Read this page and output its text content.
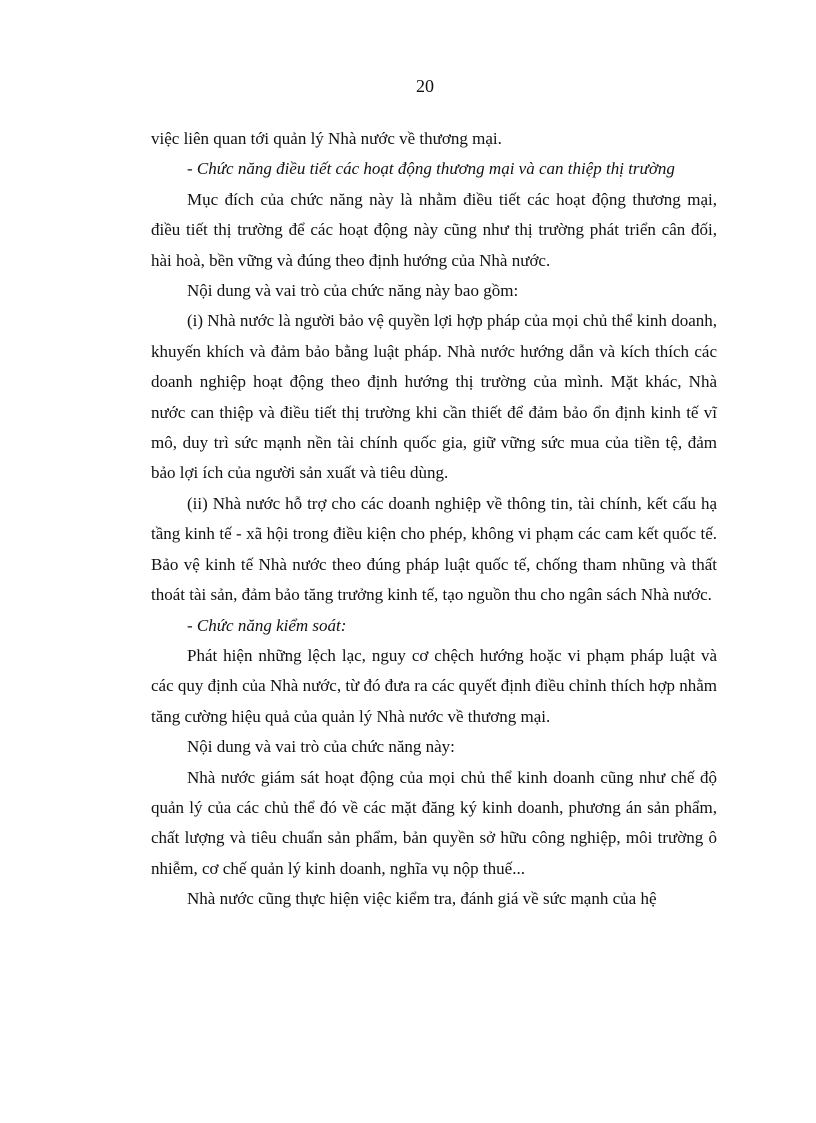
20

việc liên quan tới quản lý Nhà nước về thương mại.

- Chức năng điều tiết các hoạt động thương mại và can thiệp thị trường

Mục đích của chức năng này là nhằm điều tiết các hoạt động thương mại, điều tiết thị trường để các hoạt động này cũng như thị trường phát triển cân đối, hài hoà, bền vững và đúng theo định hướng của Nhà nước.

Nội dung và vai trò của chức năng này bao gồm:

(i) Nhà nước là người bảo vệ quyền lợi hợp pháp của mọi chủ thể kinh doanh, khuyến khích và đảm bảo bằng luật pháp. Nhà nước hướng dẫn và kích thích các doanh nghiệp hoạt động theo định hướng thị trường của mình. Mặt khác, Nhà nước can thiệp và điều tiết thị trường khi cần thiết để đảm bảo ổn định kinh tế vĩ mô, duy trì sức mạnh nền tài chính quốc gia, giữ vững sức mua của tiền tệ, đảm bảo lợi ích của người sản xuất và tiêu dùng.

(ii) Nhà nước hỗ trợ cho các doanh nghiệp về thông tin, tài chính, kết cấu hạ tầng kinh tế - xã hội trong điều kiện cho phép, không vi phạm các cam kết quốc tế. Bảo vệ kinh tế Nhà nước theo đúng pháp luật quốc tế, chống tham nhũng và thất thoát tài sản, đảm bảo tăng trưởng kinh tế, tạo nguồn thu cho ngân sách Nhà nước.

- Chức năng kiểm soát:

Phát hiện những lệch lạc, nguy cơ chệch hướng hoặc vi phạm pháp luật và các quy định của Nhà nước, từ đó đưa ra các quyết định điều chỉnh thích hợp nhằm tăng cường hiệu quả của quản lý Nhà nước về thương mại.

Nội dung và vai trò của chức năng này:

Nhà nước giám sát hoạt động của mọi chủ thể kinh doanh cũng như chế độ quản lý của các chủ thể đó về các mặt đăng ký kinh doanh, phương án sản phẩm, chất lượng và tiêu chuẩn sản phẩm, bản quyền sở hữu công nghiệp, môi trường ô nhiễm, cơ chế quản lý kinh doanh, nghĩa vụ nộp thuế...

Nhà nước cũng thực hiện việc kiểm tra, đánh giá về sức mạnh của hệ
